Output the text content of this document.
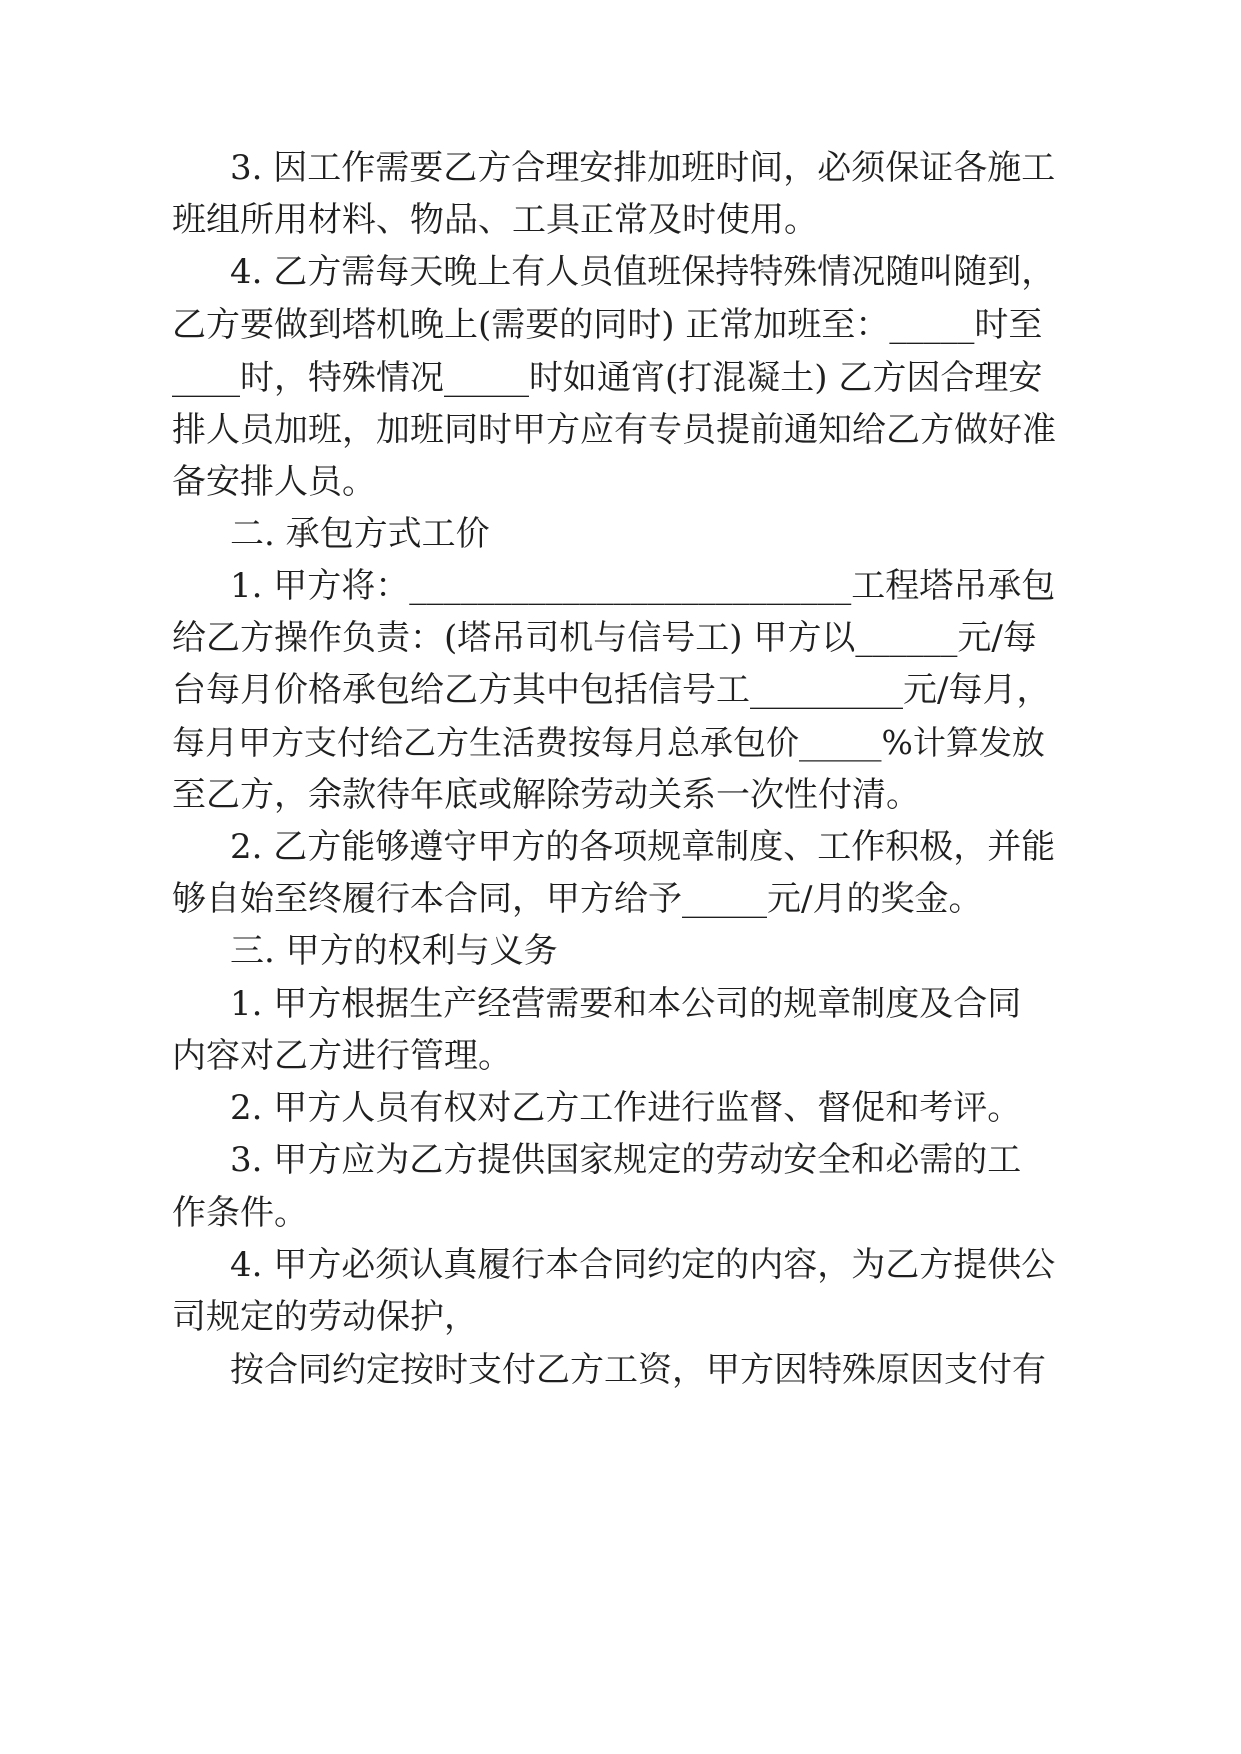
3. 因工作需要乙方合理安排加班时间，必须保证各施工
班组所用材料、物品、工具正常及时使用。
4. 乙方需每天晚上有人员值班保持特殊情况随叫随到，
乙方要做到塔机晚上(需要的同时) 正常加班至：_____时至
____时，特殊情况_____时如通宵(打混凝土) 乙方因合理安
排人员加班，加班同时甲方应有专员提前通知给乙方做好准
备安排人员。
二. 承包方式工价
1. 甲方将：__________________________工程塔吊承包
给乙方操作负责：(塔吊司机与信号工) 甲方以______元/每
台每月价格承包给乙方其中包括信号工_________元/每月，
每月甲方支付给乙方生活费按每月总承包价_____%计算发放
至乙方，余款待年底或解除劳动关系一次性付清。
2. 乙方能够遵守甲方的各项规章制度、工作积极，并能
够自始至终履行本合同，甲方给予_____元/月的奖金。
三. 甲方的权利与义务
1. 甲方根据生产经营需要和本公司的规章制度及合同
内容对乙方进行管理。
2. 甲方人员有权对乙方工作进行监督、督促和考评。
3. 甲方应为乙方提供国家规定的劳动安全和必需的工
作条件。
4. 甲方必须认真履行本合同约定的内容，为乙方提供公
司规定的劳动保护，
按合同约定按时支付乙方工资，甲方因特殊原因支付有
